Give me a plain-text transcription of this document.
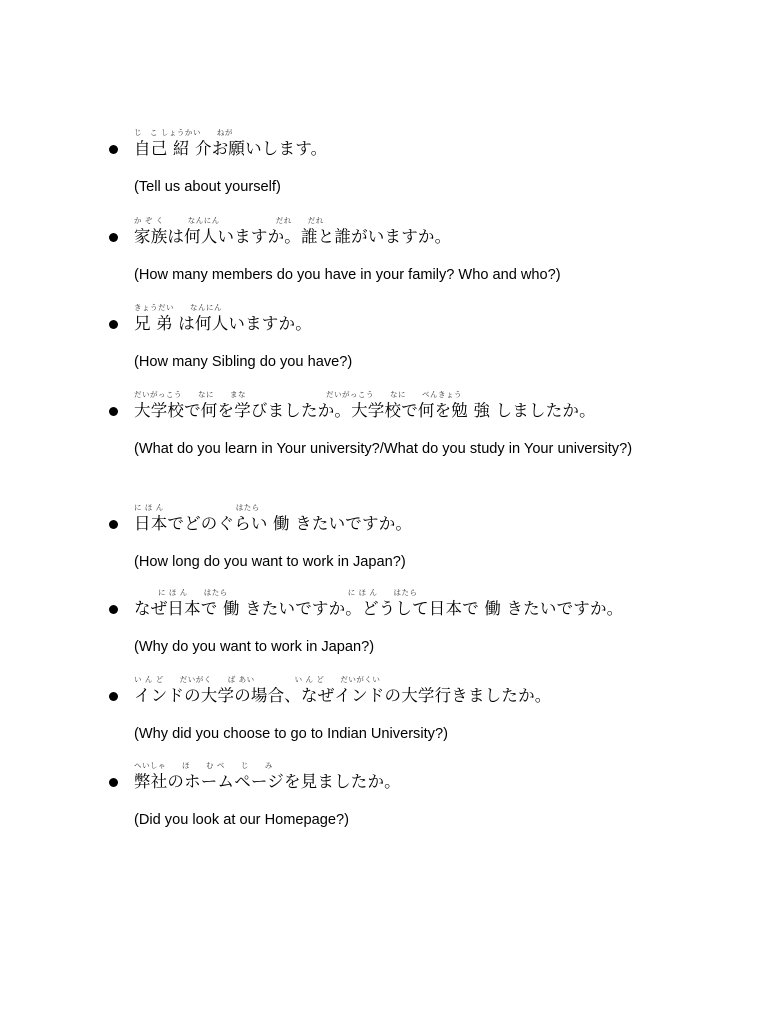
じ　こ しょうかい　　ねが
自己 紹 介お願いします。
(Tell us about yourself)
か ぞ く　　　なんにん　　　　　　　だれ　　だれ
家族は何人いますか。誰と誰がいますか。
(How many members do you have in your family? Who and who?)
きょうだい　　なんにん
兄 弟 は何人いますか。
(How many Sibling do you have?)
だいがっこう　　なに　　まな　　　　　　　　　　だいがっこう　　なに　　べんきょう
大学校で何を学びましたか。大学校で何を勉 強 しましたか。
(What do you learn in Your university?/What do you study in Your university?)
に ほ ん　　　　　　　　　はたら
日本でどのぐらい 働 きたいですか。
(How long do you want to work in Japan?)
　　　に ほ ん　　はたら　　　　　　　　　　　　　　　に ほ ん　　はたら
なぜ日本で 働 きたいですか。どうして日本で 働 きたいですか。
(Why do you want to work in Japan?)
い ん ど　　だいがく　　ば あい　　　　　い ん ど　　だいがくい
インドの大学の場合、なぜインドの大学行きましたか。
(Why did you choose to go to Indian University?)
へいしゃ　　ほ　　む べ　　じ　　み
弊社のホームページを見ましたか。
(Did you look at our Homepage?)
